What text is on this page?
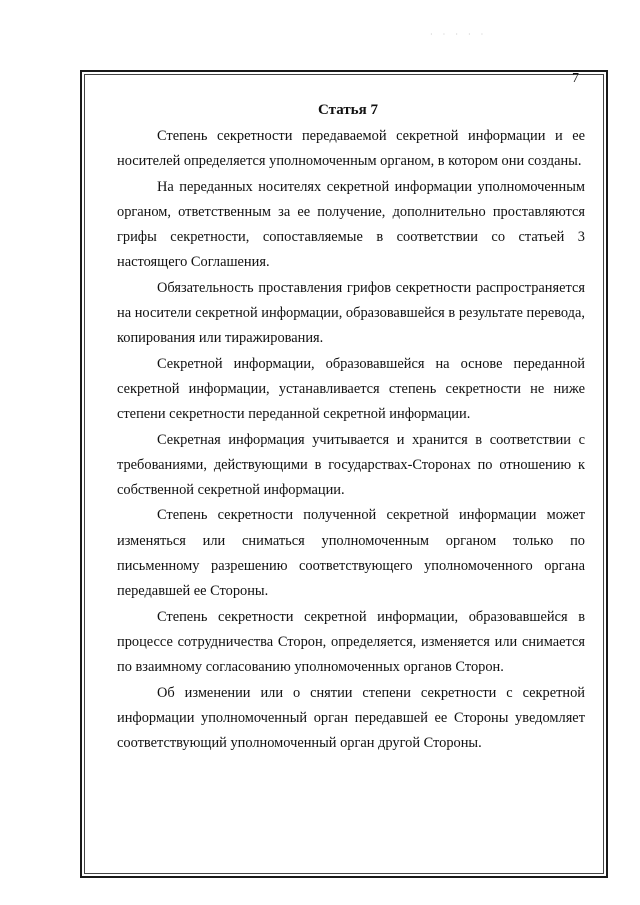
· · · · ·
7
Статья 7

Степень секретности передаваемой секретной информации и ее носителей определяется уполномоченным органом, в котором они созданы.

На переданных носителях секретной информации уполномоченным органом, ответственным за ее получение, дополнительно проставляются грифы секретности, сопоставляемые в соответствии со статьей 3 настоящего Соглашения.

Обязательность проставления грифов секретности распространяется на носители секретной информации, образовавшейся в результате перевода, копирования или тиражирования.

Секретной информации, образовавшейся на основе переданной секретной информации, устанавливается степень секретности не ниже степени секретности переданной секретной информации.

Секретная информация учитывается и хранится в соответствии с требованиями, действующими в государствах-Сторонах по отношению к собственной секретной информации.

Степень секретности полученной секретной информации может изменяться или сниматься уполномоченным органом только по письменному разрешению соответствующего уполномоченного органа передавшей ее Стороны.

Степень секретности секретной информации, образовавшейся в процессе сотрудничества Сторон, определяется, изменяется или снимается по взаимному согласованию уполномоченных органов Сторон.

Об изменении или о снятии степени секретности с секретной информации уполномоченный орган передавшей ее Стороны уведомляет соответствующий уполномоченный орган другой Стороны.
